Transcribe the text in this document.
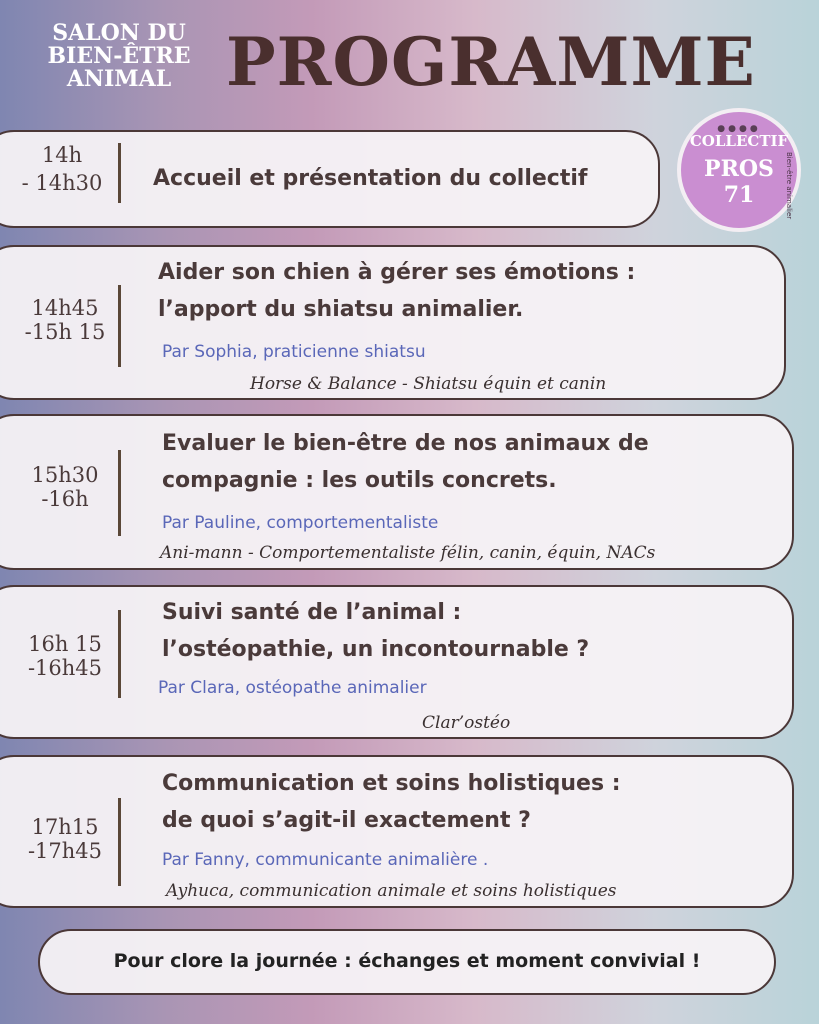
SALON DU
BIEN-ÊTRE
ANIMAL PROGRAMME
●●●●
COLLECTIF
PROS
71	Bien-être animalier
14h
- 14h30	Accueil et présentation du collectif
14h45
-15h 15
Aider son chien à gérer ses émotions :
l’apport du shiatsu animalier.
Par Sophia, praticienne shiatsu
Horse & Balance - Shiatsu équin et canin
15h30
-16h
Evaluer le bien-être de nos animaux de
compagnie : les outils concrets.
Par Pauline, comportementaliste
Ani-mann - Comportementaliste félin, canin, équin, NACs
16h 15
-16h45
Suivi santé de l’animal :
l’ostéopathie, un incontournable ?
Par Clara, ostéopathe animalier
Clar’ostéo
17h15
-17h45
Communication et soins holistiques :
de quoi s’agit-il exactement ?
Par Fanny, communicante animalière .
Ayhuca, communication animale et soins holistiques
Pour clore la journée : échanges et moment convivial !
